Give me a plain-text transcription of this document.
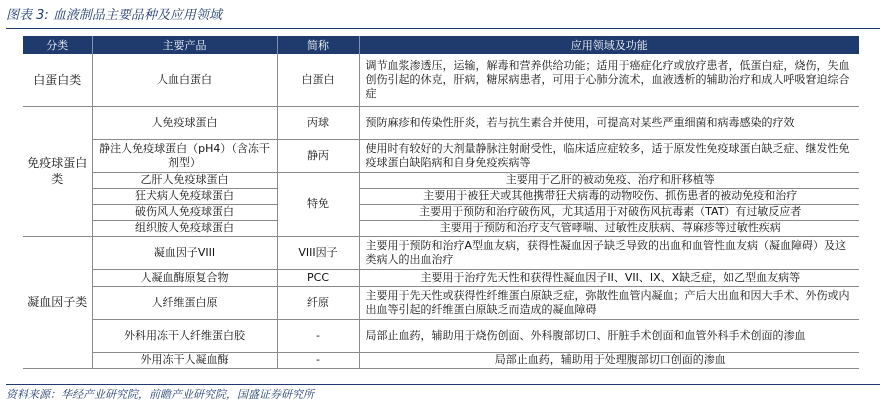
图表 3: 血液制品主要品种及应用领域
分类	主要产品	简称	应用领域及功能
白蛋白类	人血白蛋白	白蛋白	调节血浆渗透压，运输，解毒和营养供给功能；适用于癌症化疗或放疗患者，低蛋白症，烧伤，失血创伤引起的休克，肝病，糖尿病患者，可用于心肺分流术，血液透析的辅助治疗和成人呼吸窘迫综合症
免疫球蛋白类	人免疫球蛋白	丙球	预防麻疹和传染性肝炎，若与抗生素合并使用，可提高对某些严重细菌和病毒感染的疗效
	静注人免疫球蛋白（pH4）（含冻干剂型）	静丙	使用时有较好的大剂量静脉注射耐受性，临床适应症较多，适于原发性免疫球蛋白缺乏症、继发性免疫球蛋白缺陷病和自身免疫疾病等
	乙肝人免疫球蛋白	特免	主要用于乙肝的被动免疫、治疗和肝移植等
	狂犬病人免疫球蛋白		主要用于被狂犬或其他携带狂犬病毒的动物咬伤、抓伤患者的被动免疫和治疗
	破伤风人免疫球蛋白		主要用于预防和治疗破伤风，尤其适用于对破伤风抗毒素（TAT）有过敏反应者
	组织胺人免疫球蛋白		主要用于预防和治疗支气管哮喘、过敏性皮肤病、荨麻疹等过敏性疾病
凝血因子类	凝血因子VIII	VIII因子	主要用于预防和治疗A型血友病，获得性凝血因子缺乏导致的出血和血管性血友病（凝血障碍）及这类病人的出血治疗
	人凝血酶原复合物	PCC	主要用于治疗先天性和获得性凝血因子II、VII、IX、X缺乏症，如乙型血友病等
	人纤维蛋白原	纤原	主要用于先天性或获得性纤维蛋白原缺乏症，弥散性血管内凝血；产后大出血和因大手术、外伤或内出血等引起的纤维蛋白原缺乏而造成的凝血障碍
	外科用冻干人纤维蛋白胶	-	局部止血药，辅助用于烧伤创面、外科腹部切口、肝脏手术创面和血管外科手术创面的渗血
	外用冻干人凝血酶	-	局部止血药，辅助用于处理腹部切口创面的渗血
资料来源：华经产业研究院，前瞻产业研究院，国盛证券研究所
